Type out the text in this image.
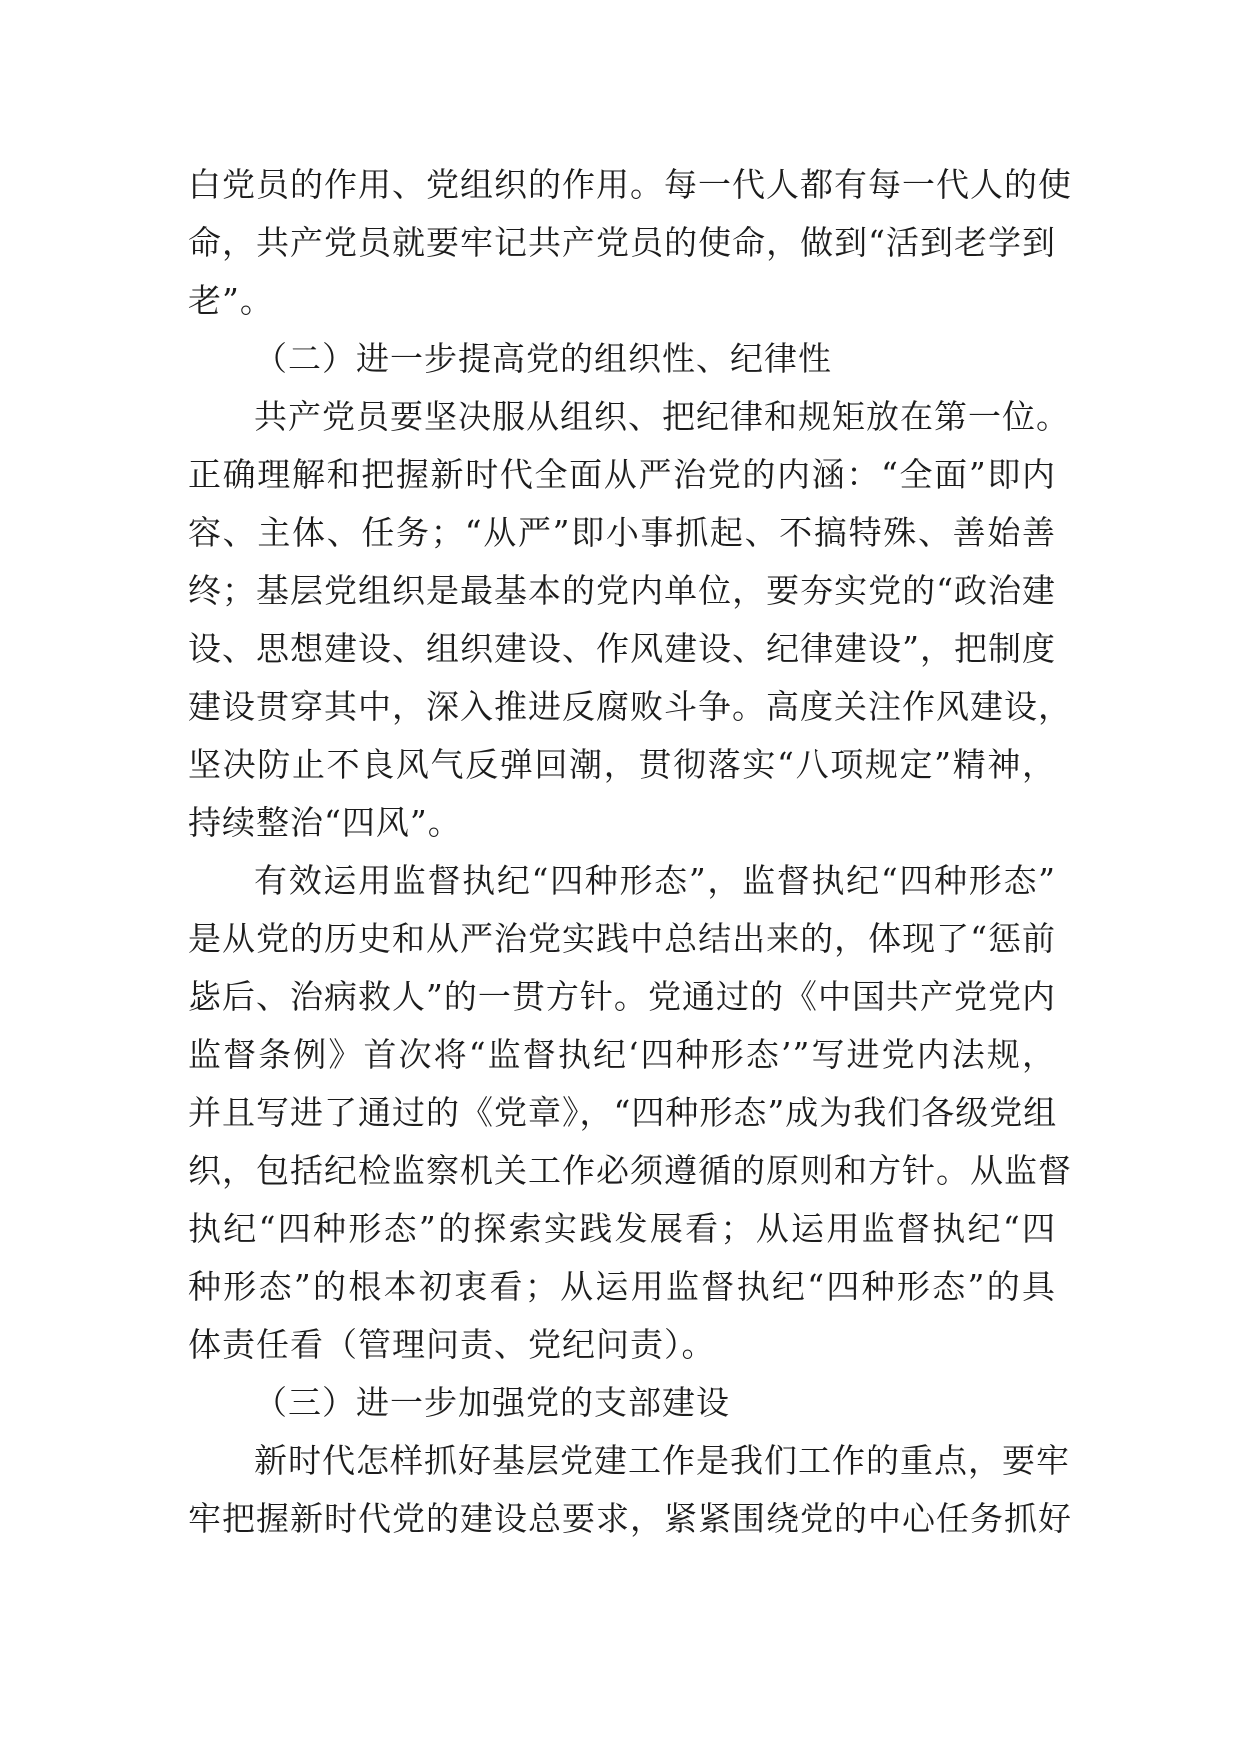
白党员的作用、党组织的作用。每一代人都有每一代人的使
命，共产党员就要牢记共产党员的使命，做到“活到老学到
老”。
（二）进一步提高党的组织性、纪律性
共产党员要坚决服从组织、把纪律和规矩放在第一位。
正确理解和把握新时代全面从严治党的内涵：“全面”即内
容、主体、任务；“从严”即小事抓起、不搞特殊、善始善
终；基层党组织是最基本的党内单位，要夯实党的“政治建
设、思想建设、组织建设、作风建设、纪律建设”，把制度
建设贯穿其中，深入推进反腐败斗争。高度关注作风建设，
坚决防止不良风气反弹回潮，贯彻落实“八项规定”精神，
持续整治“四风”。
有效运用监督执纪“四种形态”，监督执纪“四种形态”
是从党的历史和从严治党实践中总结出来的，体现了“惩前
毖后、治病救人”的一贯方针。党通过的《中国共产党党内
监督条例》首次将“监督执纪‘四种形态’”写进党内法规，
并且写进了通过的《党章》，“四种形态”成为我们各级党组
织，包括纪检监察机关工作必须遵循的原则和方针。从监督
执纪“四种形态”的探索实践发展看；从运用监督执纪“四
种形态”的根本初衷看；从运用监督执纪“四种形态”的具
体责任看（管理问责、党纪问责）。
（三）进一步加强党的支部建设
新时代怎样抓好基层党建工作是我们工作的重点，要牢
牢把握新时代党的建设总要求，紧紧围绕党的中心任务抓好
